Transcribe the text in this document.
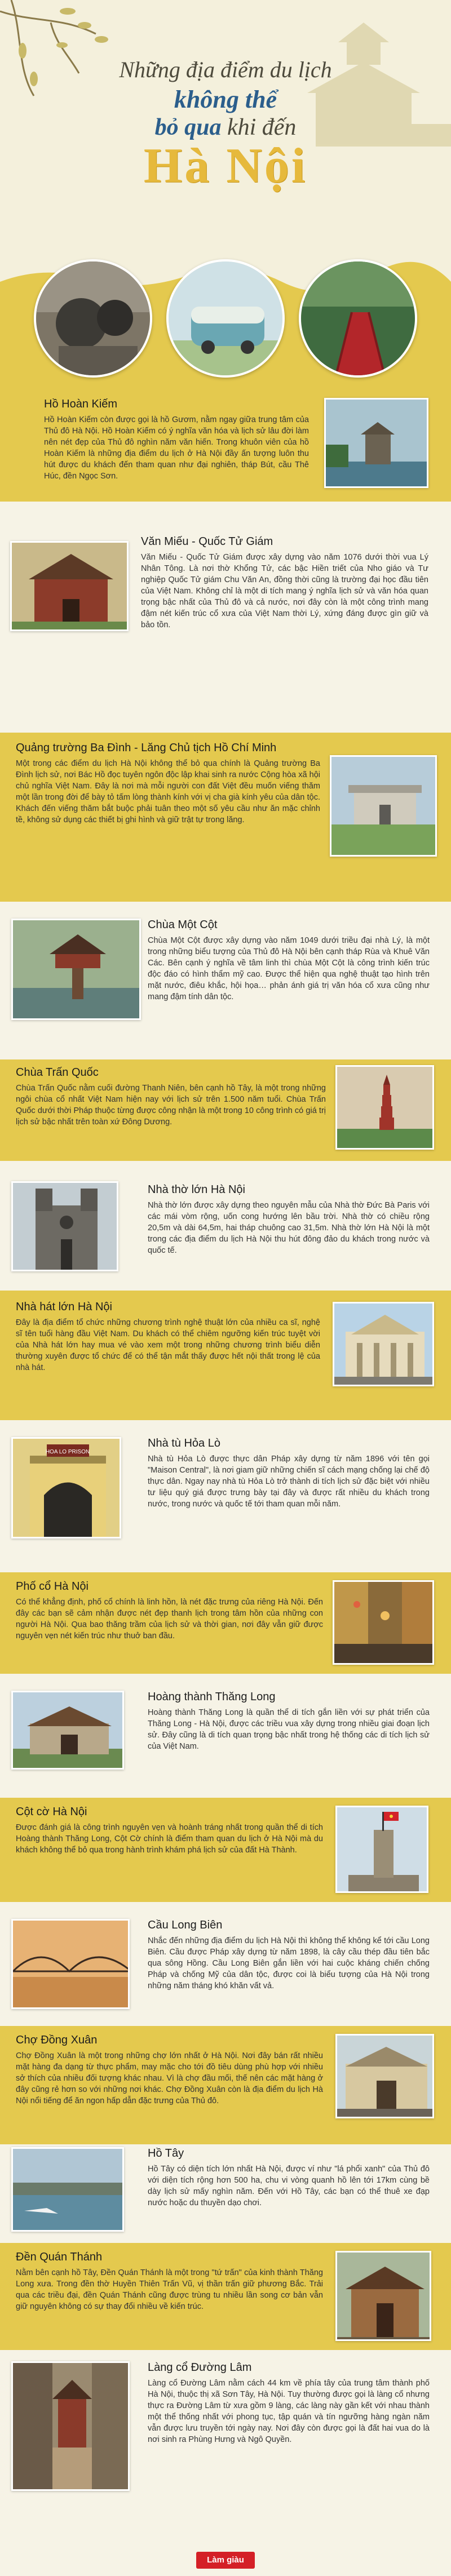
Những địa điểm du lịch
không thể
bỏ qua khi đến
Hà Nội
Hồ Hoàn Kiếm

Hồ Hoàn Kiếm còn được gọi là hồ Gươm, nằm ngay giữa trung tâm của Thủ đô Hà Nội. Hồ Hoàn Kiếm có ý nghĩa văn hóa và lịch sử lâu đời làm nên nét đẹp của Thủ đô nghìn năm văn hiến. Trong khuôn viên của hồ Hoàn Kiếm là những địa điểm du lịch ở Hà Nội đầy ấn tượng luôn thu hút được du khách đến tham quan như đại nghiên, tháp Bút, cầu Thê Húc, đền Ngọc Sơn.

Văn Miếu - Quốc Tử Giám

Văn Miếu - Quốc Tử Giám được xây dựng vào năm 1076 dưới thời vua Lý Nhân Tông. Là nơi thờ Khổng Tử, các bậc Hiền triết của Nho giáo và Tư nghiệp Quốc Tử giám Chu Văn An, đồng thời cũng là trường đại học đầu tiên của Việt Nam. Không chỉ là một di tích mang ý nghĩa lịch sử và văn hóa quan trọng bậc nhất của Thủ đô và cả nước, nơi đây còn là một công trình mang đậm nét kiến trúc cổ xưa của Việt Nam thời Lý, xứng đáng được gìn giữ và bảo tồn.

Quảng trường Ba Đình - Lăng Chủ tịch Hồ Chí Minh

Một trong các điểm du lịch Hà Nội không thể bỏ qua chính là Quảng trường Ba Đình lịch sử, nơi Bác Hồ đọc tuyên ngôn độc lập khai sinh ra nước Cộng hòa xã hội chủ nghĩa Việt Nam. Đây là nơi mà mỗi người con đất Việt đều muốn viếng thăm một lần trong đời để bày tỏ tấm lòng thành kính với vị cha già kính yêu của dân tộc. Khách đến viếng thăm bắt buộc phải tuân theo một số yêu cầu như ăn mặc chỉnh tề, không sử dụng các thiết bị ghi hình và giữ trật tự trong lăng.

Chùa Một Cột

Chùa Một Cột được xây dựng vào năm 1049 dưới triều đại nhà Lý, là một trong những biểu tượng của Thủ đô Hà Nội bên cạnh tháp Rùa và Khuê Văn Các. Bên cạnh ý nghĩa về tâm linh thì chùa Một Cột là công trình kiến trúc độc đáo có hình thẩm mỹ cao. Được thể hiện qua nghệ thuật tạo hình trên mặt nước, điêu khắc, hội họa… phản ánh giá trị văn hóa cổ xưa cũng như mang đậm tính dân tộc.

Chùa Trấn Quốc

Chùa Trấn Quốc nằm cuối đường Thanh Niên, bên cạnh hồ Tây, là một trong những ngôi chùa cổ nhất Việt Nam hiện nay với lịch sử trên 1.500 năm tuổi. Chùa Trấn Quốc dưới thời Pháp thuộc từng được công nhận là một trong 10 công trình có giá trị lịch sử bậc nhất trên toàn xứ Đông Dương.

Nhà thờ lớn Hà Nội

Nhà thờ lớn được xây dựng theo nguyên mẫu của Nhà thờ Đức Bà Paris với các mái vòm rộng, uốn cong hướng lên bầu trời. Nhà thờ có chiều rộng 20,5m và dài 64,5m, hai tháp chuông cao 31,5m. Nhà thờ lớn Hà Nội là một trong các địa điểm du lịch Hà Nội thu hút đông đảo du khách trong nước và quốc tế.

Nhà hát lớn Hà Nội

Đây là địa điểm tổ chức những chương trình nghệ thuật lớn của nhiều ca sĩ, nghệ sĩ tên tuổi hàng đầu Việt Nam. Du khách có thể chiêm ngưỡng kiến trúc tuyệt vời của Nhà hát lớn hay mua vé vào xem một trong những chương trình biểu diễn thường xuyên được tổ chức để có thể tận mắt thấy được hết nội thất trong lệ của nhà hát.

HOA LO PRISON
Nhà tù Hỏa Lò

Nhà tù Hỏa Lò được thực dân Pháp xây dựng từ năm 1896 với tên gọi "Maison Central", là nơi giam giữ những chiến sĩ cách mạng chống lại chế độ thực dân. Ngay nay nhà tù Hỏa Lò trở thành di tích lịch sử đặc biệt với nhiều tư liệu quý giá được trưng bày tại đây và được rất nhiều du khách trong nước, trong nước và quốc tế tới tham quan mỗi năm.

Phố cổ Hà Nội

Có thể khẳng định, phố cổ chính là linh hồn, là nét đặc trưng của riêng Hà Nội. Đến đây các bạn sẽ cảm nhận được nét đẹp thanh lịch trong tâm hồn của những con người Hà Nội. Qua bao thăng trầm của lịch sử và thời gian, nơi đây vẫn giữ được nguyên vẹn nét kiến trúc như thuở ban đầu.

Hoàng thành Thăng Long

Hoàng thành Thăng Long là quần thể di tích gắn liền với sự phát triển của Thăng Long - Hà Nội, được các triều vua xây dựng trong nhiều giai đoạn lịch sử. Đây cũng là di tích quan trọng bậc nhất trong hệ thống các di tích lịch sử của Việt Nam.

Cột cờ Hà Nội

Được đánh giá là công trình nguyên vẹn và hoành tráng nhất trong quần thể di tích Hoàng thành Thăng Long, Cột Cờ chính là điểm tham quan du lịch ở Hà Nội mà du khách không thể bỏ qua trong hành trình khám phá lịch sử của đất Hà Thành.

Cầu Long Biên

Nhắc đến những địa điểm du lịch Hà Nội thì không thể không kể tới cầu Long Biên. Cầu được Pháp xây dựng từ năm 1898, là cây cầu thép đầu tiên bắc qua sông Hồng. Cầu Long Biên gắn liền với hai cuộc kháng chiến chống Pháp và chống Mỹ của dân tộc, được coi là biểu tượng của Hà Nội trong những năm tháng khó khăn vất vả.

Chợ Đồng Xuân

Chợ Đồng Xuân là một trong những chợ lớn nhất ở Hà Nội. Nơi đây bán rất nhiều mặt hàng đa dạng từ thực phẩm, may mặc cho tới đồ tiêu dùng phù hợp với nhiều sở thích của nhiều đối tượng khác nhau. Vì là chợ đầu mối, thế nên các mặt hàng ở đây cũng rẻ hơn so với những nơi khác. Chợ Đồng Xuân còn là địa điểm du lịch Hà Nội nổi tiếng để ăn ngon hấp dẫn đặc trưng của Thủ đô.

Hồ Tây

Hồ Tây có diện tích lớn nhất Hà Nội, được ví như "lá phổi xanh" của Thủ đô với diện tích rộng hơn 500 ha, chu vi vòng quanh hồ lên tới 17km cùng bề dày lịch sử mấy nghìn năm. Đến với Hồ Tây, các bạn có thể thuê xe đạp nước hoặc du thuyền dạo chơi.

Đền Quán Thánh

Nằm bên cạnh hồ Tây, Đền Quán Thánh là một trong "tứ trấn" của kinh thành Thăng Long xưa. Trong đền thờ Huyền Thiên Trấn Vũ, vị thần trấn giữ phương Bắc. Trải qua các triều đại, đền Quán Thánh cũng được trùng tu nhiều lần song cơ bản vẫn giữ nguyên không có sự thay đổi nhiều về kiến trúc.

Làng cổ Đường Lâm

Làng cổ Đường Lâm nằm cách 44 km về phía tây của trung tâm thành phố Hà Nội, thuộc thị xã Sơn Tây, Hà Nội. Tuy thường được gọi là làng cổ nhưng thực ra Đường Lâm từ xưa gồm 9 làng, các làng này gần kết với nhau thành một thể thống nhất với phong tục, tập quán và tín ngưỡng hàng ngàn năm vẫn được lưu truyền tới ngày nay. Nơi đây còn được gọi là đất hai vua do là nơi sinh ra Phùng Hưng và Ngô Quyền.

Làm giàu
